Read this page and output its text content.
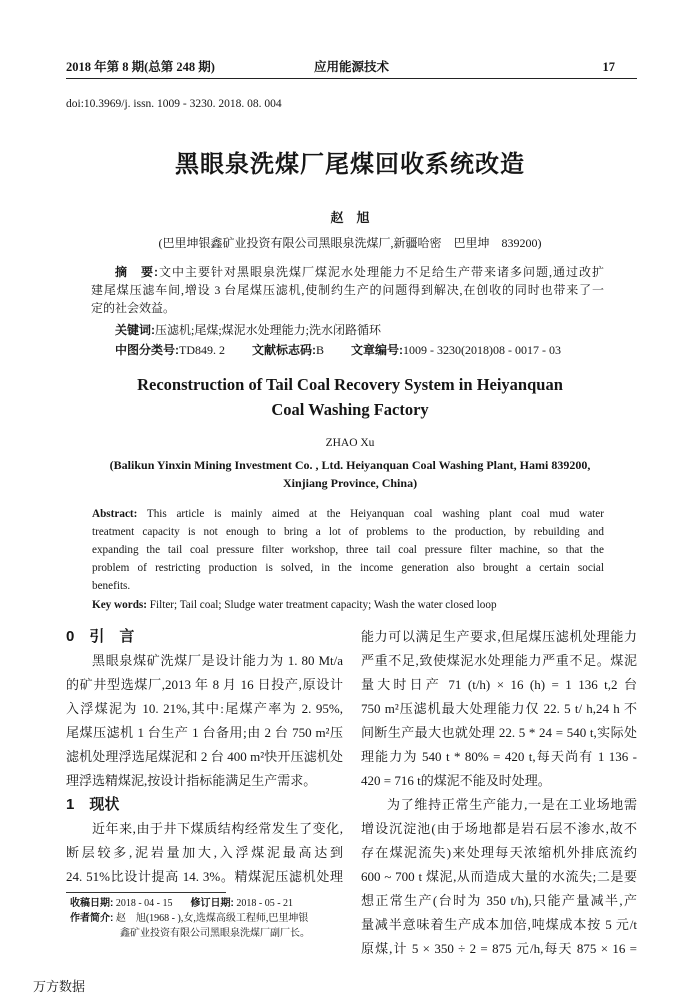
2018 年第 8 期(总第 248 期)	应用能源技术	17
doi:10.3969/j. issn. 1009 - 3230. 2018. 08. 004
黑眼泉洗煤厂尾煤回收系统改造
赵　旭
(巴里坤银鑫矿业投资有限公司黑眼泉洗煤厂,新疆哈密　巴里坤　839200)
摘　要:文中主要针对黑眼泉洗煤厂煤泥水处理能力不足给生产带来诸多问题,通过改扩
建尾煤压滤车间,增设 3 台尾煤压滤机,使制约生产的问题得到解决,在创收的同时也带来了一
定的社会效益。
关键词:压滤机;尾煤;煤泥水处理能力;洗水闭路循环
中图分类号:TD849. 2 文献标志码:B 文章编号:1009 - 3230(2018)08 - 0017 - 03
Reconstruction of Tail Coal Recovery System in Heiyanquan
Coal Washing Factory
ZHAO Xu
(Balikun Yinxin Mining Investment Co. , Ltd. Heiyanquan Coal Washing Plant, Hami 839200,
Xinjiang Province, China)
Abstract: This article is mainly aimed at the Heiyanquan coal washing plant coal mud water
treatment capacity is not enough to bring a lot of problems to the production, by rebuilding and
expanding the tail coal pressure filter workshop, three tail coal pressure filter machine, so that the
problem of restricting production is solved, in the income generation also brought a certain social
benefits.
Key words: Filter; Tail coal; Sludge water treatment capacity; Wash the water closed loop
0　引　言
黑眼泉煤矿洗煤厂是设计能力为 1. 80 Mt/a
的矿井型选煤厂,2013 年 8 月 16 日投产,原设计
入浮煤泥为 10. 21%,其中:尾煤产率为 2. 95%,
尾煤压滤机 1 台生产 1 台备用;由 2 台 750 m²压
滤机处理浮选尾煤泥和 2 台 400 m²快开压滤机处
理浮选精煤泥,按设计指标能满足生产需求。
1　现状
近年来,由于井下煤质结构经常发生了变化,
断层较多,泥岩量加大,入浮煤泥最高达到
24. 51%比设计提高 14. 3%。精煤泥压滤机处理
能力可以满足生产要求,但尾煤压滤机处理能力
严重不足,致使煤泥水处理能力严重不足。煤泥
量大时日产 71 (t/h) × 16 (h) = 1 136 t,2 台
750 m²压滤机最大处理能力仅 22. 5 t/ h,24 h 不
间断生产最大也就处理 22. 5 * 24 = 540 t,实际处
理能力为 540 t * 80% = 420 t,每天尚有 1 136 -
420 = 716 t的煤泥不能及时处理。
为了维持正常生产能力,一是在工业场地需
增设沉淀池(由于场地都是岩石层不渗水,故不
存在煤泥流失)来处理每天浓缩机外排底流约
600 ~ 700 t 煤泥,从而造成大量的水流失;二是要
想正常生产(台时为 350 t/h),只能产量减半,产
量减半意味着生产成本加倍,吨煤成本按 5 元/t
原煤,计 5 × 350 ÷ 2 = 875 元/h,每天 875 × 16 =
收稿日期: 2018 - 04 - 15 修订日期: 2018 - 05 - 21
作者简介: 赵　旭(1968 - ),女,选煤高级工程师,巴里坤银
鑫矿业投资有限公司黑眼泉洗煤厂副厂长。
万方数据
